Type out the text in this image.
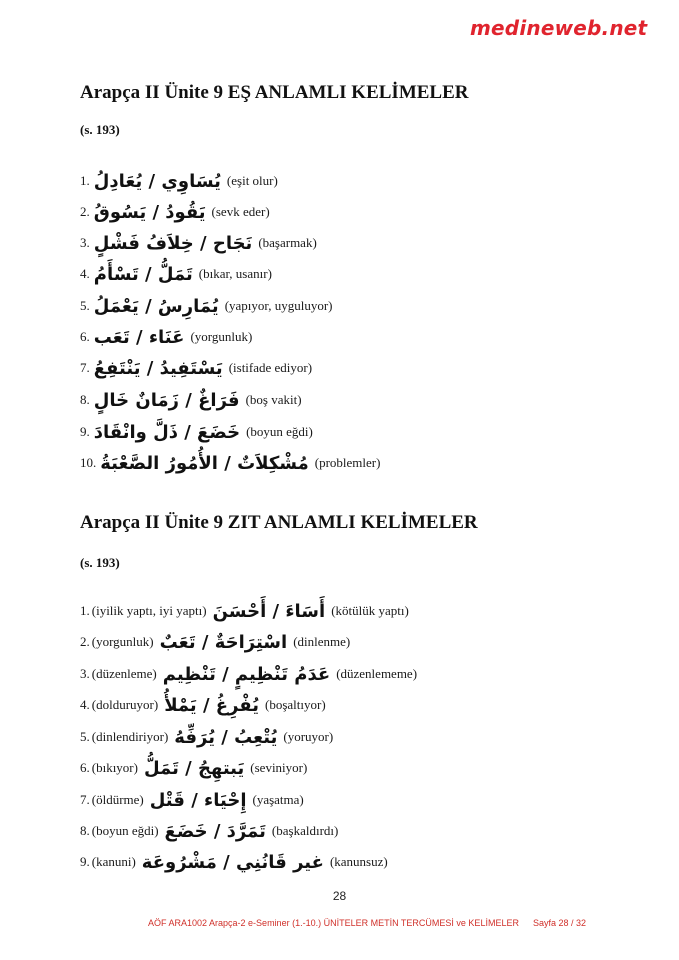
medineweb.net
Arapça II Ünite 9 EŞ ANLAMLI KELİMELER
(s. 193)
1. يُسَاوِي / يُعَادِلُ (eşit olur)
2. يَقُودُ / يَسُوقُ (sevk eder)
3. نَجَاح / خِلاَفُ فَشْلٍ (başarmak)
4. تَمَلُّ / تَسْأَمُ (bıkar, usanır)
5. يُمَارِسُ / يَعْمَلُ (yapıyor, uyguluyor)
6. عَنَاء / تَعَب (yorgunluk)
7. يَسْتَفِيدُ / يَنْتَفِعُ (istifade ediyor)
8. فَرَاغٌ / زَمَانٌ خَالٍ (boş vakit)
9. خَضَعَ / ذَلَّ وانْقَادَ (boyun eğdi)
10. مُشْكِلاَتٌ / الأُمُورُ الصَّعْبَةُ (problemler)
Arapça II Ünite 9 ZIT ANLAMLI KELİMELER
(s. 193)
1. (iyilik yaptı, iyi yaptı) أَسَاءَ / أَحْسَنَ (kötülük yaptı)
2. (yorgunluk) اسْتِرَاحَةٌ / تَعَبٌ (dinlenme)
3. (düzenleme) عَدَمُ تَنْظِيمٍ / تَنْظِيم (düzenlememe)
4. (dolduruyor) يُفْرِغُ / يَمْلأُ (boşaltıyor)
5. (dinlendiriyor) يُتْعِبُ / يُرَفِّهُ (yoruyor)
6. (bıkıyor) يَبتهِجُ / تَمَلُّ (seviniyor)
7. (öldürme) إِحْيَاء / قَتْل (yaşatma)
8. (boyun eğdi) تَمَرَّدَ / خَضَعَ (başkaldırdı)
9. (kanuni) غير قَانُنِي / مَشْرُوعَة (kanunsuz)
28
AÖF ARA1002 Arapça-2 e-Seminer (1.-10.) ÜNİTELER METİN TERCÜMESİ ve KELİMELER Sayfa 28 / 32
